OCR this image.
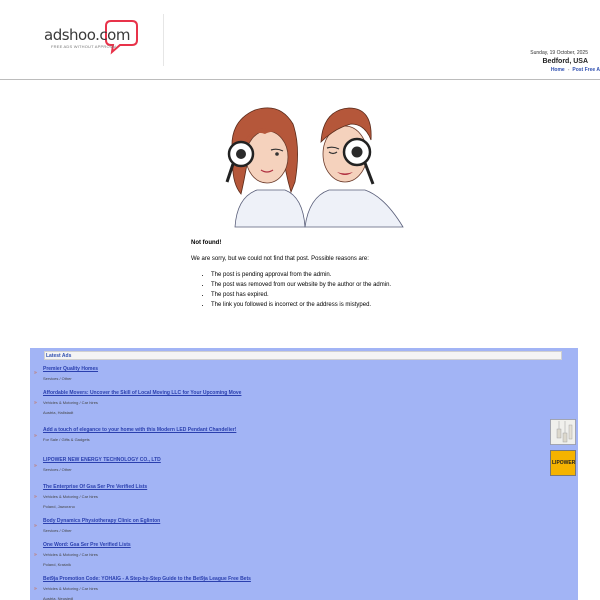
adshoo.com
FREE ADS WITHOUT APPROVAL
Sunday, 19 October, 2025
Bedford, USA
Home - Post Free A
Not found!
We are sorry, but we could not find that post. Possible reasons are:
• The post is pending approval from the admin.
• The post was removed from our website by the author or the admin.
• The post has expired.
• The link you followed is incorrect or the address is mistyped.
Latest Ads
»
Premier Quality Homes
Services / Other
»
Affordable Movers: Uncover the Skill of Local Moving LLC for Your Upcoming Move
Vehicles & Motoring / Car hires
Austria, Hallstadt
»
Add a touch of elegance to your home with this Modern LED Pendant Chandelier!
For Sale / Gifts & Gadgets
»
LIPOWER NEW ENERGY TECHNOLOGY CO., LTD
Services / Other
LIPOWER
»
The Enterprise Of Gsa Ser Pre Verified Lists
Vehicles & Motoring / Car hires
Poland, Jaworzno
»
Body Dynamics Physiotherapy Clinic on Eglinton
Services / Other
»
One Word: Gsa Ser Pre Verified Lists
Vehicles & Motoring / Car hires
Poland, Kraśnik
»
Bet9ja Promotion Code: YOHAIG - A Step-by-Step Guide to the Bet9ja League Free Bets
Vehicles & Motoring / Car hires
Austria, Neusiedl
